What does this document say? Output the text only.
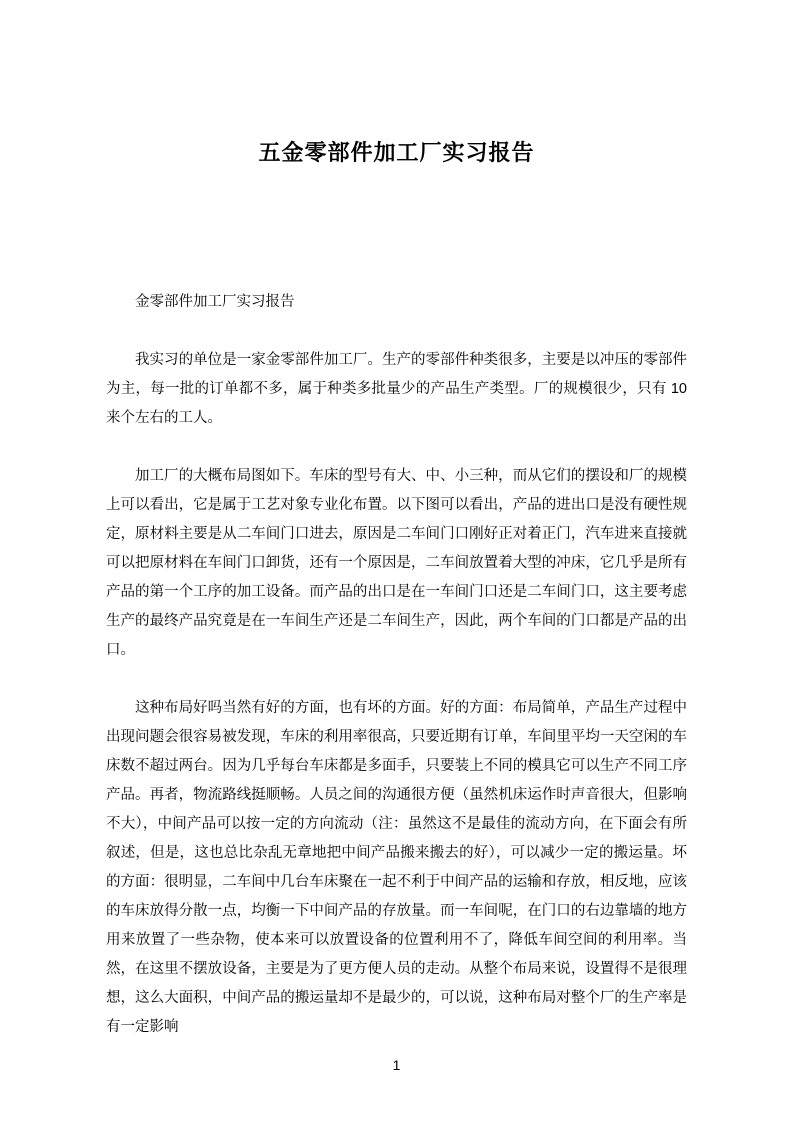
五金零部件加工厂实习报告

金零部件加工厂实习报告

我实习的单位是一家金零部件加工厂。生产的零部件种类很多，主要是以冲压的零部件为主，每一批的订单都不多，属于种类多批量少的产品生产类型。厂的规模很少，只有 10 来个左右的工人。

加工厂的大概布局图如下。车床的型号有大、中、小三种，而从它们的摆设和厂的规模上可以看出，它是属于工艺对象专业化布置。以下图可以看出，产品的进出口是没有硬性规定，原材料主要是从二车间门口进去，原因是二车间门口刚好正对着正门，汽车进来直接就可以把原材料在车间门口卸货，还有一个原因是，二车间放置着大型的冲床，它几乎是所有产品的第一个工序的加工设备。而产品的出口是在一车间门口还是二车间门口，这主要考虑生产的最终产品究竟是在一车间生产还是二车间生产，因此，两个车间的门口都是产品的出口。

这种布局好吗当然有好的方面，也有坏的方面。好的方面：布局简单，产品生产过程中出现问题会很容易被发现，车床的利用率很高，只要近期有订单，车间里平均一天空闲的车床数不超过两台。因为几乎每台车床都是多面手，只要装上不同的模具它可以生产不同工序产品。再者，物流路线挺顺畅。人员之间的沟通很方便（虽然机床运作时声音很大，但影响不大），中间产品可以按一定的方向流动（注：虽然这不是最佳的流动方向，在下面会有所叙述，但是，这也总比杂乱无章地把中间产品搬来搬去的好），可以减少一定的搬运量。坏的方面：很明显，二车间中几台车床聚在一起不利于中间产品的运输和存放，相反地，应该的车床放得分散一点，均衡一下中间产品的存放量。而一车间呢，在门口的右边靠墙的地方用来放置了一些杂物，使本来可以放置设备的位置利用不了，降低车间空间的利用率。当然，在这里不摆放设备，主要是为了更方便人员的走动。从整个布局来说，设置得不是很理想，这么大面积，中间产品的搬运量却不是最少的，可以说，这种布局对整个厂的生产率是有一定影响

1
